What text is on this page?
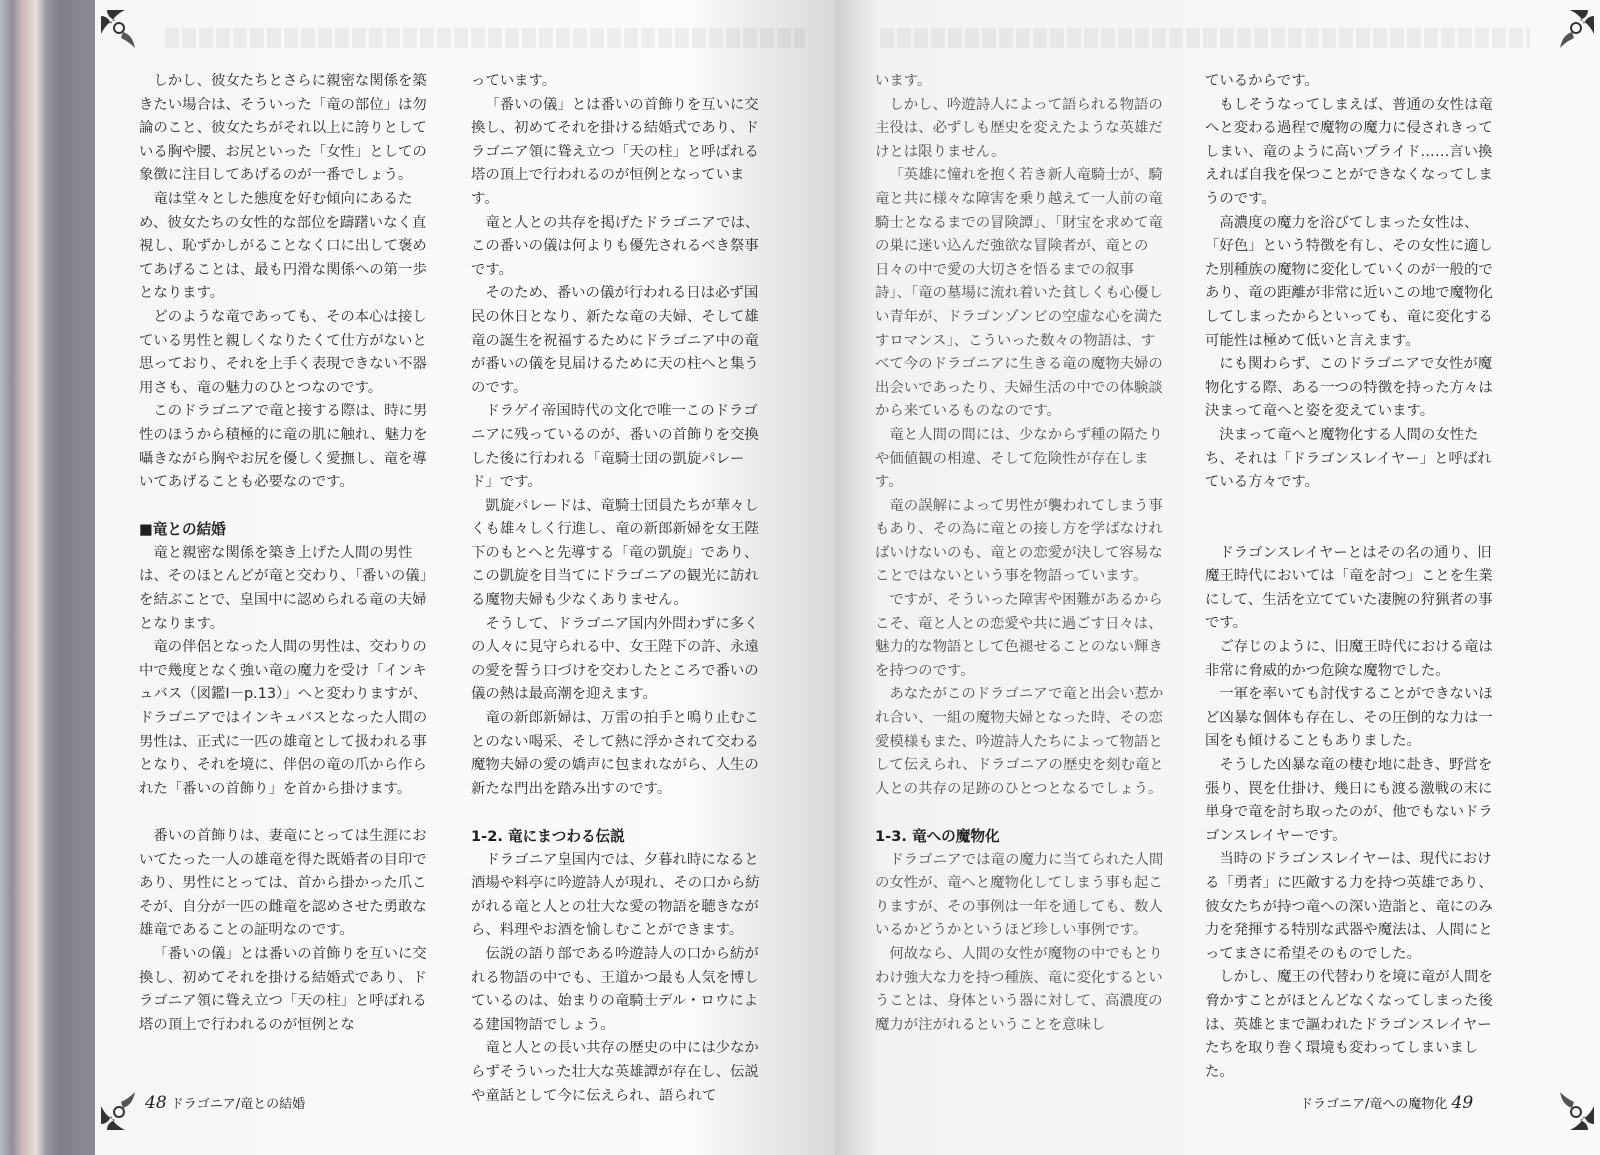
しかし、彼女たちとさらに親密な関係を築きたい場合は、そういった「竜の部位」は勿論のこと、彼女たちがそれ以上に誇りとしている胸や腰、お尻といった「女性」としての象徴に注目してあげるのが一番でしょう。

竜は堂々とした態度を好む傾向にあるため、彼女たちの女性的な部位を躊躇いなく直視し、恥ずかしがることなく口に出して褒めてあげることは、最も円滑な関係への第一歩となります。

どのような竜であっても、その本心は接している男性と親しくなりたくて仕方がないと思っており、それを上手く表現できない不器用さも、竜の魅力のひとつなのです。

このドラゴニアで竜と接する際は、時に男性のほうから積極的に竜の肌に触れ、魅力を囁きながら胸やお尻を優しく愛撫し、竜を導いてあげることも必要なのです。

■竜との結婚

竜と親密な関係を築き上げた人間の男性は、そのほとんどが竜と交わり、「番いの儀」を結ぶことで、皇国中に認められる竜の夫婦となります。

竜の伴侶となった人間の男性は、交わりの中で幾度となく強い竜の魔力を受け「インキュバス（図鑑Ⅰ－p.13）」へと変わりますが、ドラゴニアではインキュバスとなった人間の男性は、正式に一匹の雄竜として扱われる事となり、それを境に、伴侶の竜の爪から作られた「番いの首飾り」を首から掛けます。

番いの首飾りは、妻竜にとっては生涯においてたった一人の雄竜を得た既婚者の目印であり、男性にとっては、首から掛かった爪こそが、自分が一匹の雌竜を認めさせた勇敢な雄竜であることの証明なのです。

「番いの儀」とは番いの首飾りを互いに交換し、初めてそれを掛ける結婚式であり、ドラゴニア領に聳え立つ「天の柱」と呼ばれる塔の頂上で行われるのが恒例とな

っています。

「番いの儀」とは番いの首飾りを互いに交換し、初めてそれを掛ける結婚式であり、ドラゴニア領に聳え立つ「天の柱」と呼ばれる塔の頂上で行われるのが恒例となっています。

竜と人との共存を掲げたドラゴニアでは、この番いの儀は何よりも優先されるべき祭事です。

そのため、番いの儀が行われる日は必ず国民の休日となり、新たな竜の夫婦、そして雄竜の誕生を祝福するためにドラゴニア中の竜が番いの儀を見届けるために天の柱へと集うのです。

ドラゲイ帝国時代の文化で唯一このドラゴニアに残っているのが、番いの首飾りを交換した後に行われる「竜騎士団の凱旋パレード」です。

凱旋パレードは、竜騎士団員たちが華々しくも雄々しく行進し、竜の新郎新婦を女王陛下のもとへと先導する「竜の凱旋」であり、この凱旋を目当てにドラゴニアの観光に訪れる魔物夫婦も少なくありません。

そうして、ドラゴニア国内外問わずに多くの人々に見守られる中、女王陛下の許、永遠の愛を誓う口づけを交わしたところで番いの儀の熱は最高潮を迎えます。

竜の新郎新婦は、万雷の拍手と鳴り止むことのない喝采、そして熱に浮かされて交わる魔物夫婦の愛の嬌声に包まれながら、人生の新たな門出を踏み出すのです。

1-2. 竜にまつわる伝説

ドラゴニア皇国内では、夕暮れ時になると酒場や料亭に吟遊詩人が現れ、その口から紡がれる竜と人との壮大な愛の物語を聴きながら、料理やお酒を愉しむことができます。

伝説の語り部である吟遊詩人の口から紡がれる物語の中でも、王道かつ最も人気を博しているのは、始まりの竜騎士デル・ロウによる建国物語でしょう。

竜と人との長い共存の歴史の中には少なからずそういった壮大な英雄譚が存在し、伝説や童話として今に伝えられ、語られて

48 ドラゴニア/竜との結婚

います。

しかし、吟遊詩人によって語られる物語の主役は、必ずしも歴史を変えたような英雄だけとは限りません。

「英雄に憧れを抱く若き新人竜騎士が、騎竜と共に様々な障害を乗り越えて一人前の竜騎士となるまでの冒険譚」、「財宝を求めて竜の巣に迷い込んだ強欲な冒険者が、竜との日々の中で愛の大切さを悟るまでの叙事詩」、「竜の墓場に流れ着いた貧しくも心優しい青年が、ドラゴンゾンビの空虚な心を満たすロマンス」、こういった数々の物語は、すべて今のドラゴニアに生きる竜の魔物夫婦の出会いであったり、夫婦生活の中での体験談から来ているものなのです。

竜と人間の間には、少なからず種の隔たりや価値観の相違、そして危険性が存在します。

竜の誤解によって男性が襲われてしまう事もあり、その為に竜との接し方を学ばなければいけないのも、竜との恋愛が決して容易なことではないという事を物語っています。

ですが、そういった障害や困難があるからこそ、竜と人との恋愛や共に過ごす日々は、魅力的な物語として色褪せることのない輝きを持つのです。

あなたがこのドラゴニアで竜と出会い惹かれ合い、一組の魔物夫婦となった時、その恋愛模様もまた、吟遊詩人たちによって物語として伝えられ、ドラゴニアの歴史を刻む竜と人との共存の足跡のひとつとなるでしょう。

1-3. 竜への魔物化

ドラゴニアでは竜の魔力に当てられた人間の女性が、竜へと魔物化してしまう事も起こりますが、その事例は一年を通しても、数人いるかどうかというほど珍しい事例です。

何故なら、人間の女性が魔物の中でもとりわけ強大な力を持つ種族、竜に変化するということは、身体という器に対して、高濃度の魔力が注がれるということを意味し

ているからです。

もしそうなってしまえば、普通の女性は竜へと変わる過程で魔物の魔力に侵されきってしまい、竜のように高いプライド……言い換えれば自我を保つことができなくなってしまうのです。

高濃度の魔力を浴びてしまった女性は、「好色」という特徴を有し、その女性に適した別種族の魔物に変化していくのが一般的であり、竜の距離が非常に近いこの地で魔物化してしまったからといっても、竜に変化する可能性は極めて低いと言えます。

にも関わらず、このドラゴニアで女性が魔物化する際、ある一つの特徴を持った方々は決まって竜へと姿を変えています。

決まって竜へと魔物化する人間の女性たち、それは「ドラゴンスレイヤー」と呼ばれている方々です。

ドラゴンスレイヤーとはその名の通り、旧魔王時代においては「竜を討つ」ことを生業にして、生活を立てていた凄腕の狩猟者の事です。

ご存じのように、旧魔王時代における竜は非常に脅威的かつ危険な魔物でした。

一軍を率いても討伐することができないほど凶暴な個体も存在し、その圧倒的な力は一国をも傾けることもありました。

そうした凶暴な竜の棲む地に赴き、野営を張り、罠を仕掛け、幾日にも渡る激戦の末に単身で竜を討ち取ったのが、他でもないドラゴンスレイヤーです。

当時のドラゴンスレイヤーは、現代における「勇者」に匹敵する力を持つ英雄であり、彼女たちが持つ竜への深い造詣と、竜にのみ力を発揮する特別な武器や魔法は、人間にとってまさに希望そのものでした。

しかし、魔王の代替わりを境に竜が人間を脅かすことがほとんどなくなってしまった後は、英雄とまで謳われたドラゴンスレイヤーたちを取り巻く環境も変わってしまいました。

ドラゴニア/竜への魔物化 49
